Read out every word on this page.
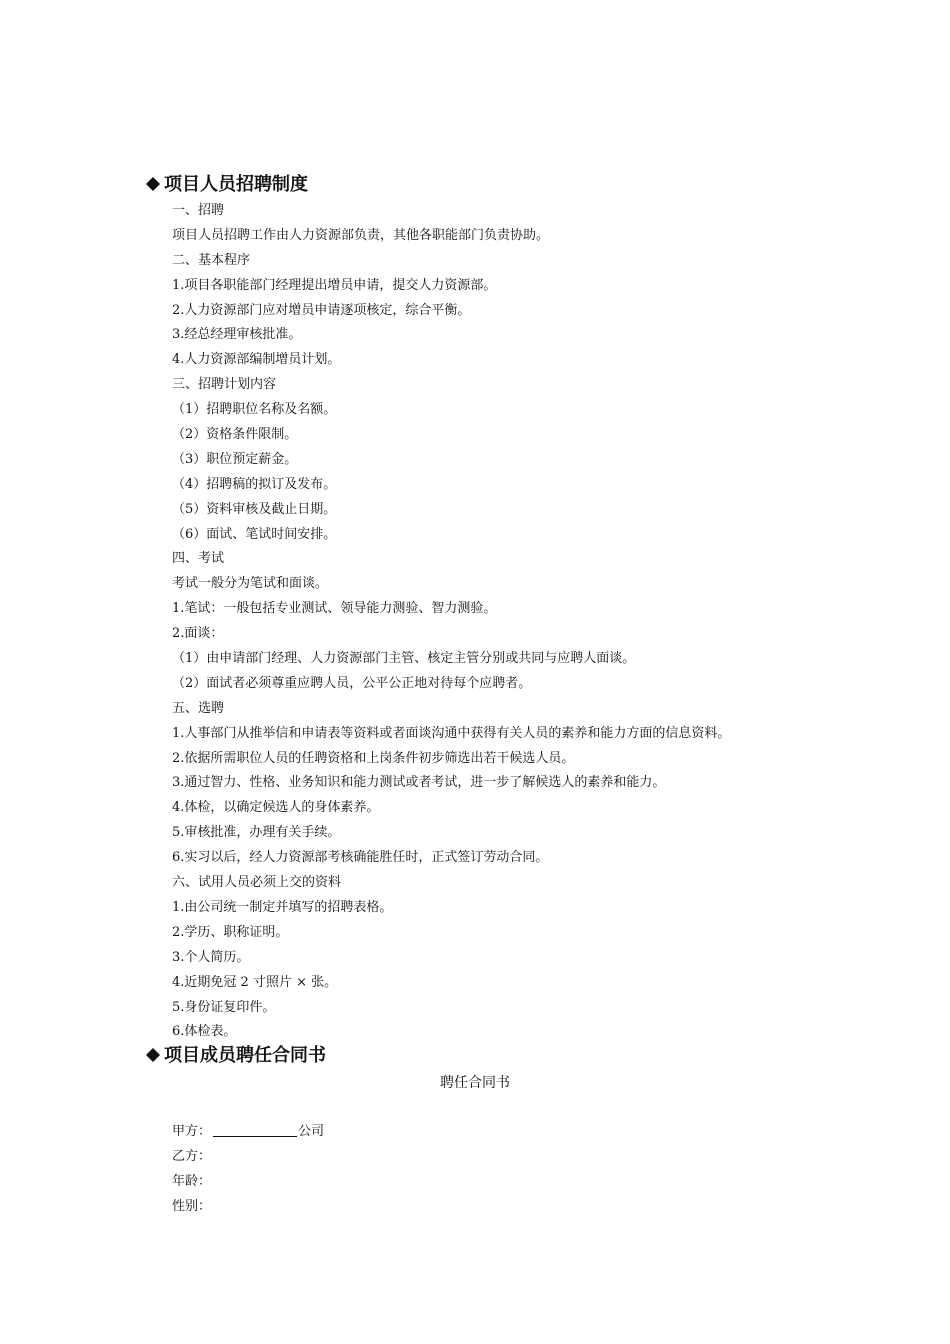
项目人员招聘制度
一、招聘
项目人员招聘工作由人力资源部负责，其他各职能部门负责协助。
二、基本程序
1.项目各职能部门经理提出增员申请，提交人力资源部。
2.人力资源部门应对增员申请逐项核定，综合平衡。
3.经总经理审核批准。
4.人力资源部编制增员计划。
三、招聘计划内容
（1）招聘职位名称及名额。
（2）资格条件限制。
（3）职位预定薪金。
（4）招聘稿的拟订及发布。
（5）资料审核及截止日期。
（6）面试、笔试时间安排。
四、考试
考试一般分为笔试和面谈。
1.笔试：一般包括专业测试、领导能力测验、智力测验。
2.面谈：
（1）由申请部门经理、人力资源部门主管、核定主管分别或共同与应聘人面谈。
（2）面试者必须尊重应聘人员，公平公正地对待每个应聘者。
五、选聘
1.人事部门从推举信和申请表等资料或者面谈沟通中获得有关人员的素养和能力方面的信息资料。
2.依据所需职位人员的任聘资格和上岗条件初步筛选出若干候选人员。
3.通过智力、性格、业务知识和能力测试或者考试，进一步了解候选人的素养和能力。
4.体检，以确定候选人的身体素养。
5.审核批准，办理有关手续。
6.实习以后，经人力资源部考核确能胜任时，正式签订劳动合同。
六、试用人员必须上交的资料
1.由公司统一制定并填写的招聘表格。
2.学历、职称证明。
3.个人简历。
4.近期免冠 2 寸照片 × 张。
5.身份证复印件。
6.体检表。
项目成员聘任合同书
聘任合同书
甲方：	公司
乙方：
年龄：
性别：
